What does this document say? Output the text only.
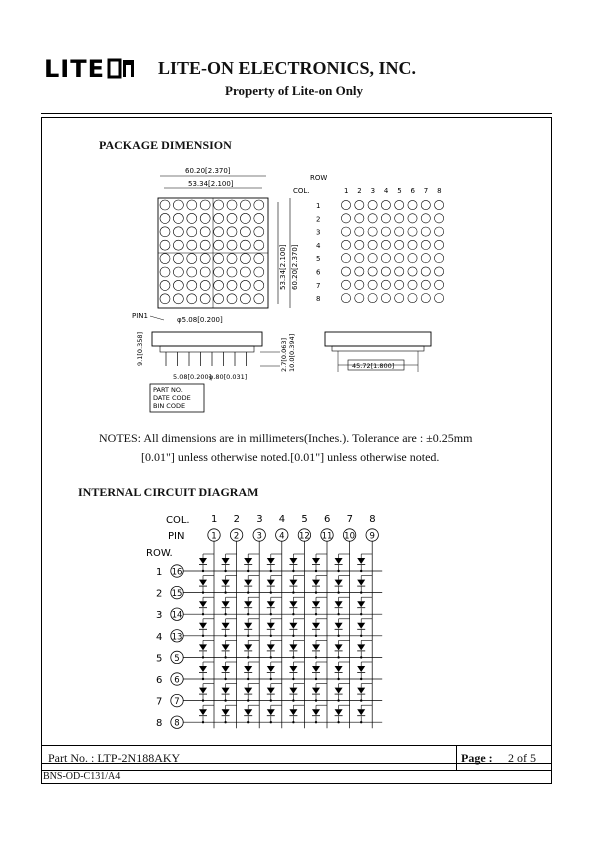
LITE	LITE-ON ELECTRONICS, INC.
Property of Lite-on Only
PACKAGE DIMENSION
60.20[2.370]
53.34[2.100]
53.34[2.100] 60.20[2.370]
PIN1	φ5.08[0.200]
9.1[0.358]	2.7[0.063] 10.0[0.394]
5.08[0.200]
φ.80[0.031]
PART NO.
DATE CODE
BIN CODE
45.72[1.800]
ROW
COL.	1 2 3 4 5 6 7 8
1
2
3
4
5
6
7
8
NOTES: All dimensions are in millimeters(Inches.). Tolerance are : ±0.25mm
[0.01"] unless otherwise noted.[0.01"] unless otherwise noted.
INTERNAL CIRCUIT DIAGRAM
COL.
PIN
ROW.
1
1
2
2
3
3
4
4
5
12
6
11
7
10
8
9
1 16
2 15
3 14
4 13
5 5
6 6
7 7
8 8
Part No. : LTP-2N188AKY	Page : 2 of 5
BNS-OD-C131/A4
